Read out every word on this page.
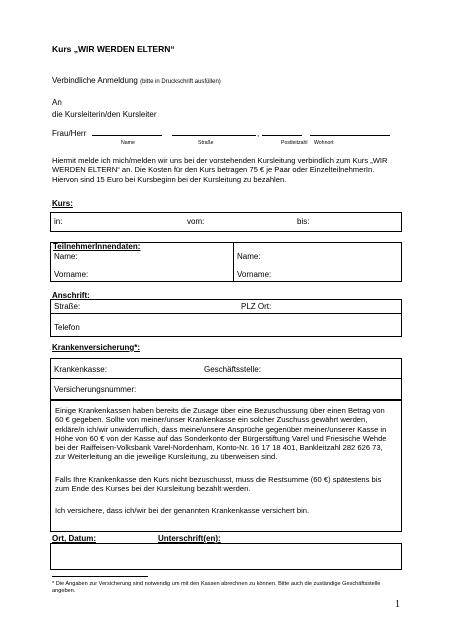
Kurs „WIR WERDEN ELTERN“
Verbindliche Anmeldung (bitte in Druckschrift ausfüllen)
An
die Kursleiterin/den Kursleiter
Frau/Herr	,
Name	Straße	Postleitzahl Wohnort
Hiermit melde ich mich/melden wir uns bei der vorstehenden Kursleitung verbindlich zum Kurs „WIR WERDEN ELTERN“ an. Die Kosten für den Kurs betragen 75 € je Paar oder EinzelteilnehmerIn. Hiervon sind 15 Euro bei Kursbeginn bei der Kursleitung zu bezahlen.
Kurs:
in:	vom:	bis:
TeilnehmerInnendaten:
Name:	Name:
Vorname:	Vorname:
Anschrift:
Straße:	PLZ Ort:
Telefon
Krankenversicherung*:
Krankenkasse:	Geschäftsstelle:
Versicherungsnummer:
Einige Krankenkassen haben bereits die Zusage über eine Bezuschussung über einen Betrag von 60 € gegeben. Sollte von meiner/unser Krankenkasse ein solcher Zuschuss gewährt werden, erkläre/n ich/wir unwiderruflich, dass meine/unsere Ansprüche gegenüber meiner/unserer Kasse in Höhe von 60 € von der Kasse auf das Sonderkonto der Bürgerstiftung Varel und Friesische Wehde bei der Raiffeisen-Volksbank Varel-Nordenham, Konto-Nr. 16 17 18 401, Bankleitzahl 282 626 73, zur Weiterleitung an die jeweilige Kursleitung, zu überweisen sind.
Falls Ihre Krankenkasse den Kurs nicht bezuschusst, muss die Restsumme (60 €) spätestens bis zum Ende des Kurses bei der Kursleitung bezahlt werden.
Ich versichere, dass ich/wir bei der genannten Krankenkasse versichert bin.
Ort, Datum:	Unterschrift(en):
* Die Angaben zur Versicherung sind notwendig um mit den Kassen abrechnen zu können. Bitte auch die zuständige Geschäftsstelle angeben.
1
